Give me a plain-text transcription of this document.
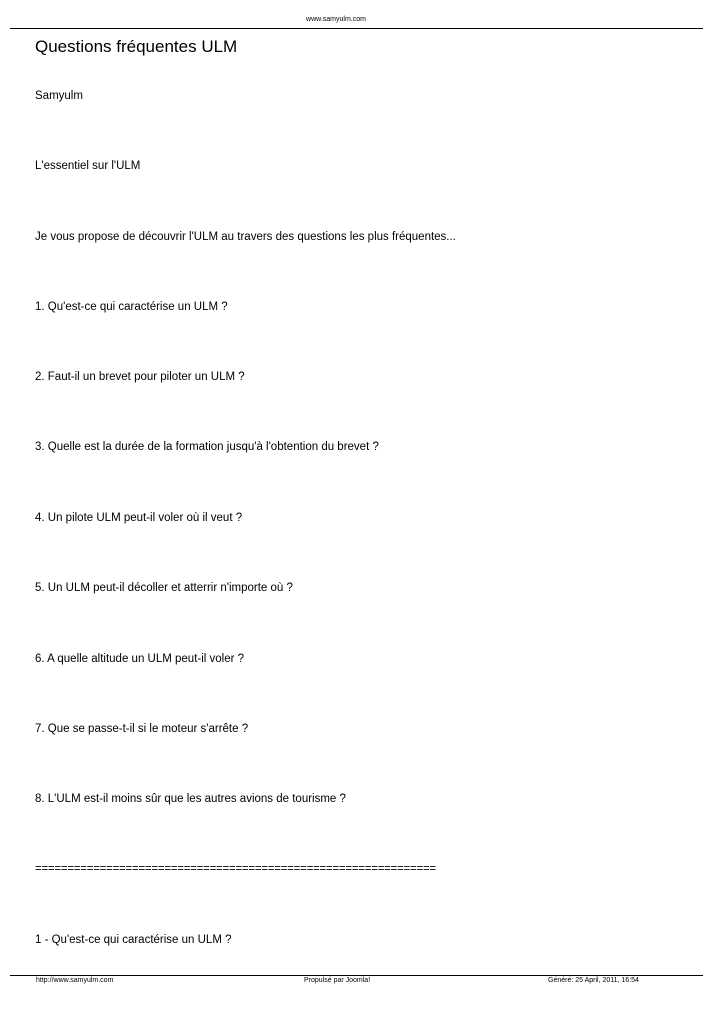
www.samyulm.com
Questions fréquentes ULM

Samyulm

L'essentiel sur l'ULM

Je vous propose de découvrir l'ULM au travers des questions les plus fréquentes...

1. Qu'est-ce qui caractérise un ULM ?

2. Faut-il un brevet pour piloter un ULM ?

3. Quelle est la durée de la formation jusqu'à l'obtention du brevet ?

4. Un pilote ULM peut-il voler où il veut ?

5. Un ULM peut-il décoller et atterrir n'importe où ?

6. A quelle altitude un ULM peut-il voler ?

7. Que se passe-t-il si le moteur s'arrête ?

8. L'ULM est-il moins sûr que les autres avions de tourisme ?

==============================================================

1 - Qu'est-ce qui caractérise un ULM ?

http://www.samyulm.com	Propulsé par Joomla!	Généré: 25 April, 2011, 16:54
